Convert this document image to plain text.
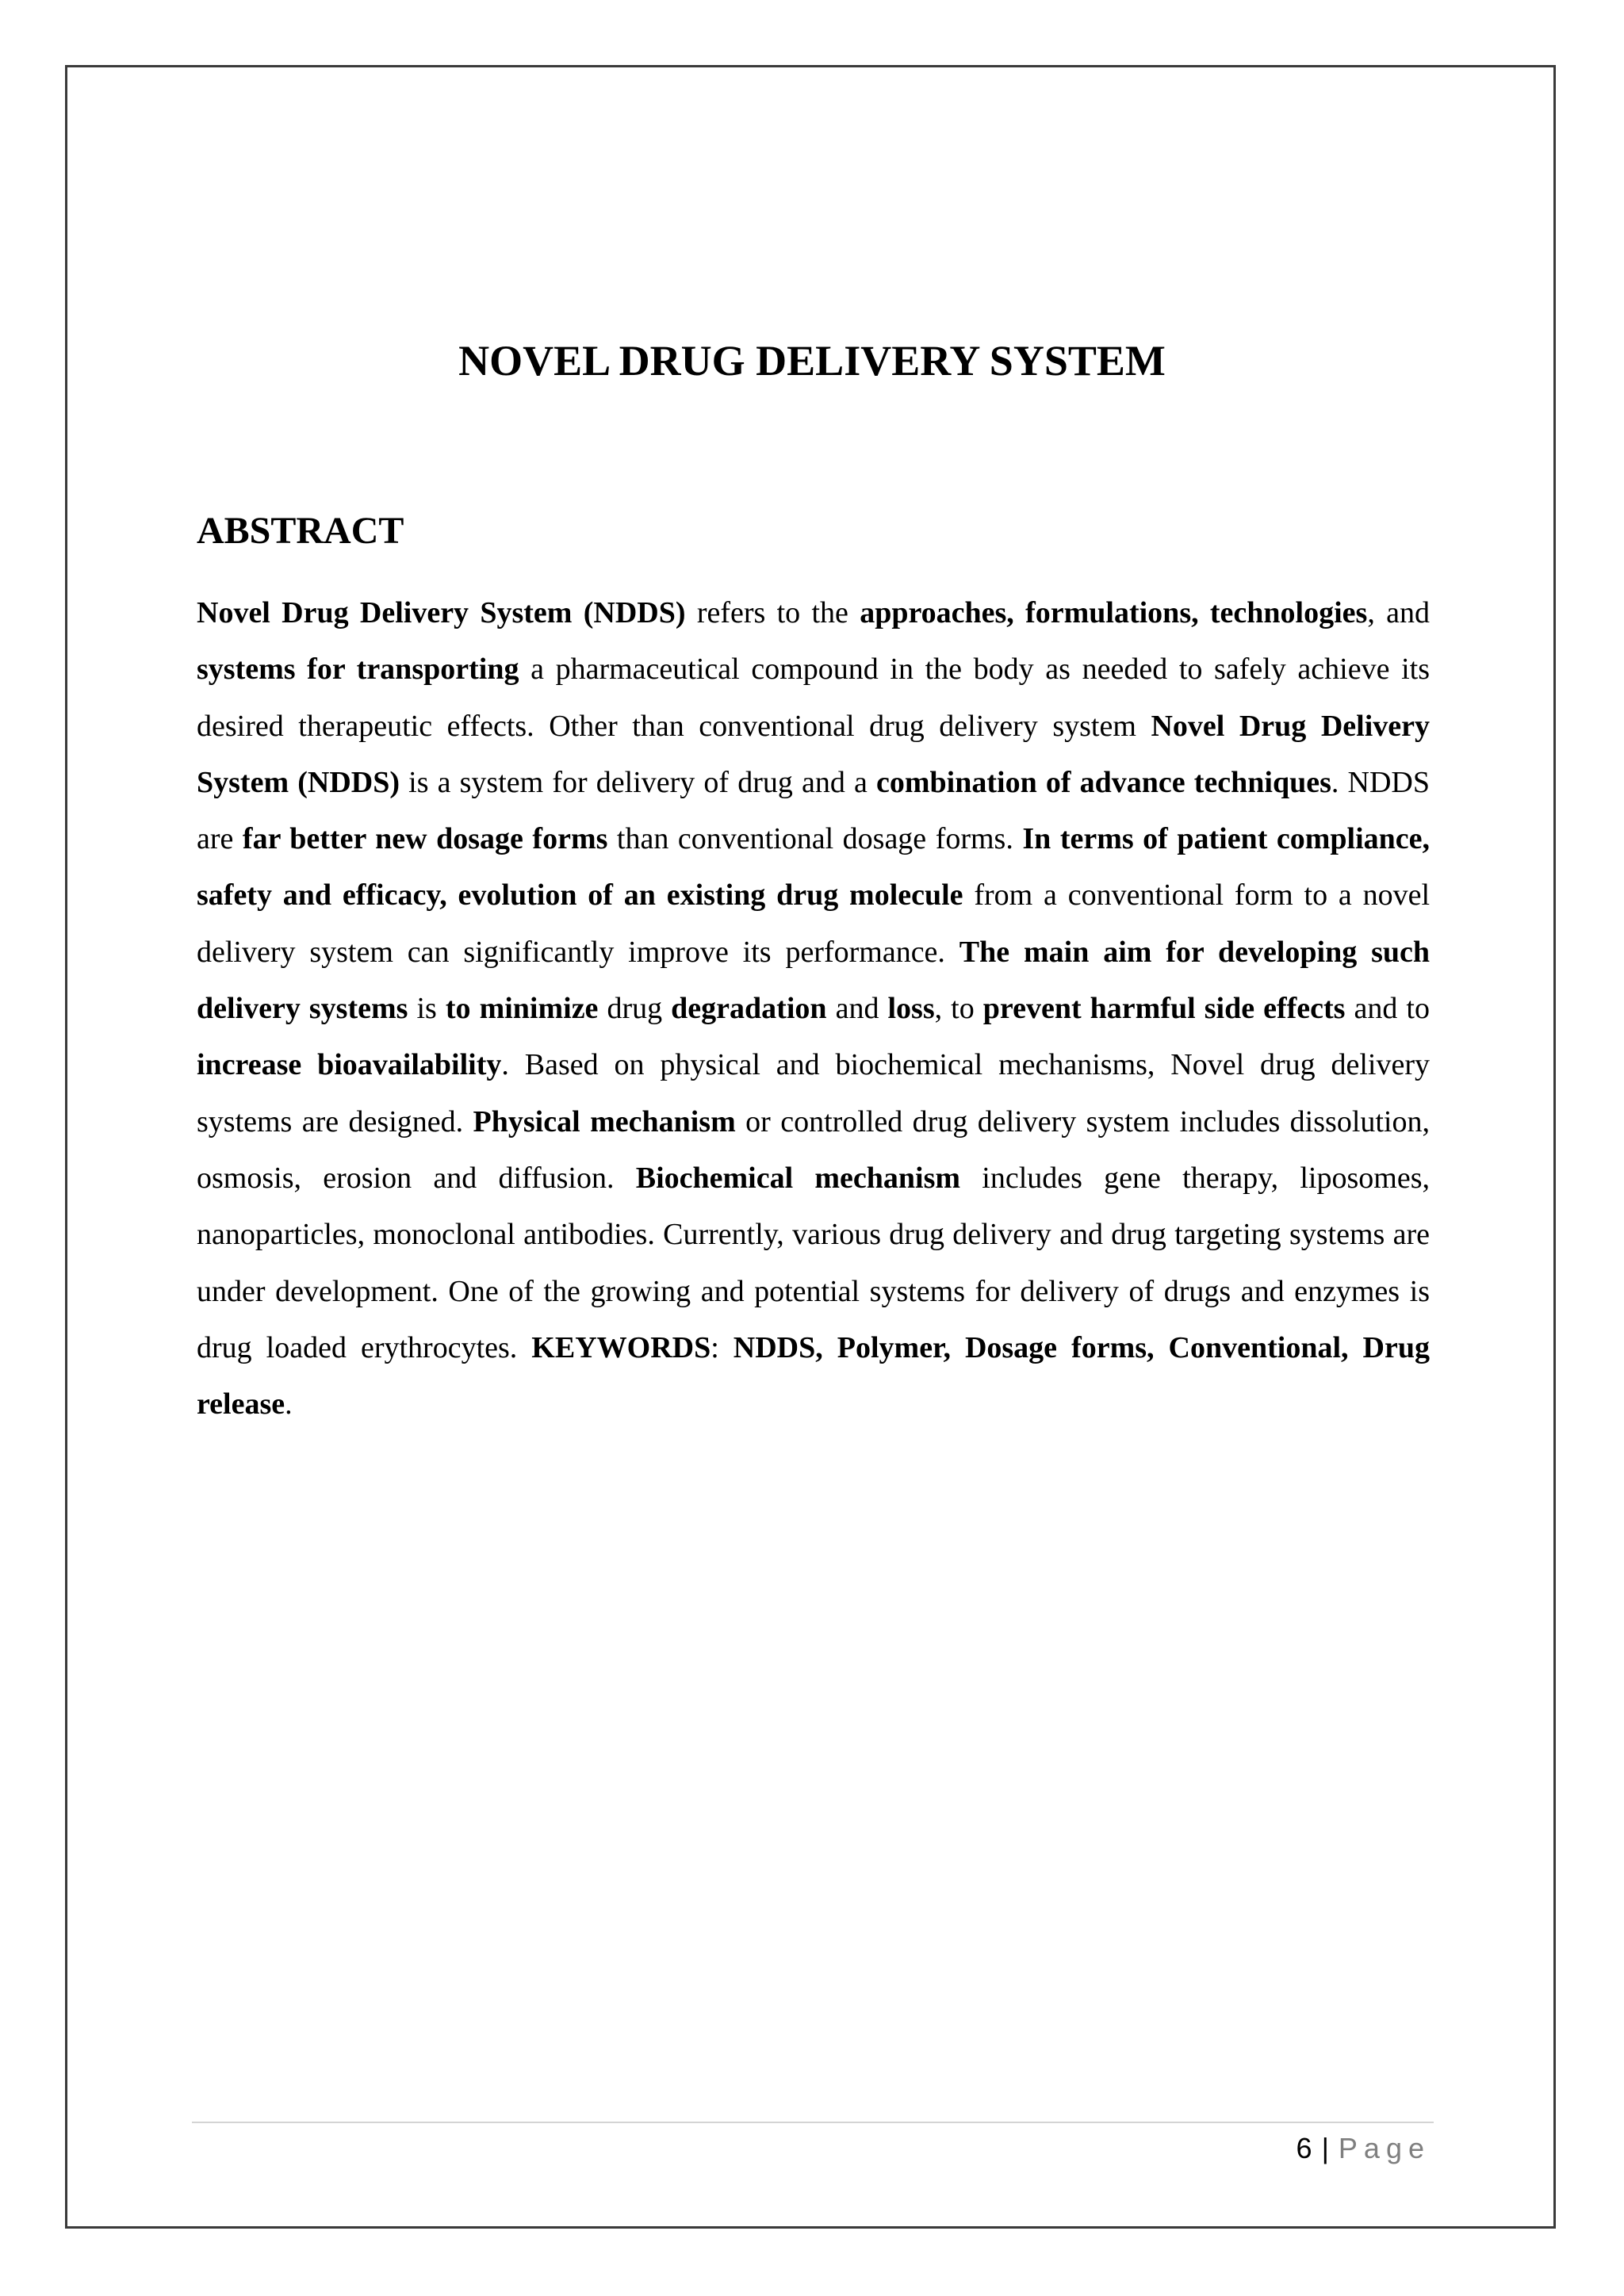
NOVEL DRUG DELIVERY SYSTEM
ABSTRACT

Novel Drug Delivery System (NDDS) refers to the approaches, formulations, technologies, and systems for transporting a pharmaceutical compound in the body as needed to safely achieve its desired therapeutic effects. Other than conventional drug delivery system Novel Drug Delivery System (NDDS) is a system for delivery of drug and a combination of advance techniques. NDDS are far better new dosage forms than conventional dosage forms. In terms of patient compliance, safety and efficacy, evolution of an existing drug molecule from a conventional form to a novel delivery system can significantly improve its performance. The main aim for developing such delivery systems is to minimize drug degradation and loss, to prevent harmful side effects and to increase bioavailability. Based on physical and biochemical mechanisms, Novel drug delivery systems are designed. Physical mechanism or controlled drug delivery system includes dissolution, osmosis, erosion and diffusion. Biochemical mechanism includes gene therapy, liposomes, nanoparticles, monoclonal antibodies. Currently, various drug delivery and drug targeting systems are under development. One of the growing and potential systems for delivery of drugs and enzymes is drug loaded erythrocytes. KEYWORDS: NDDS, Polymer, Dosage forms, Conventional, Drug release.

6 | Page
